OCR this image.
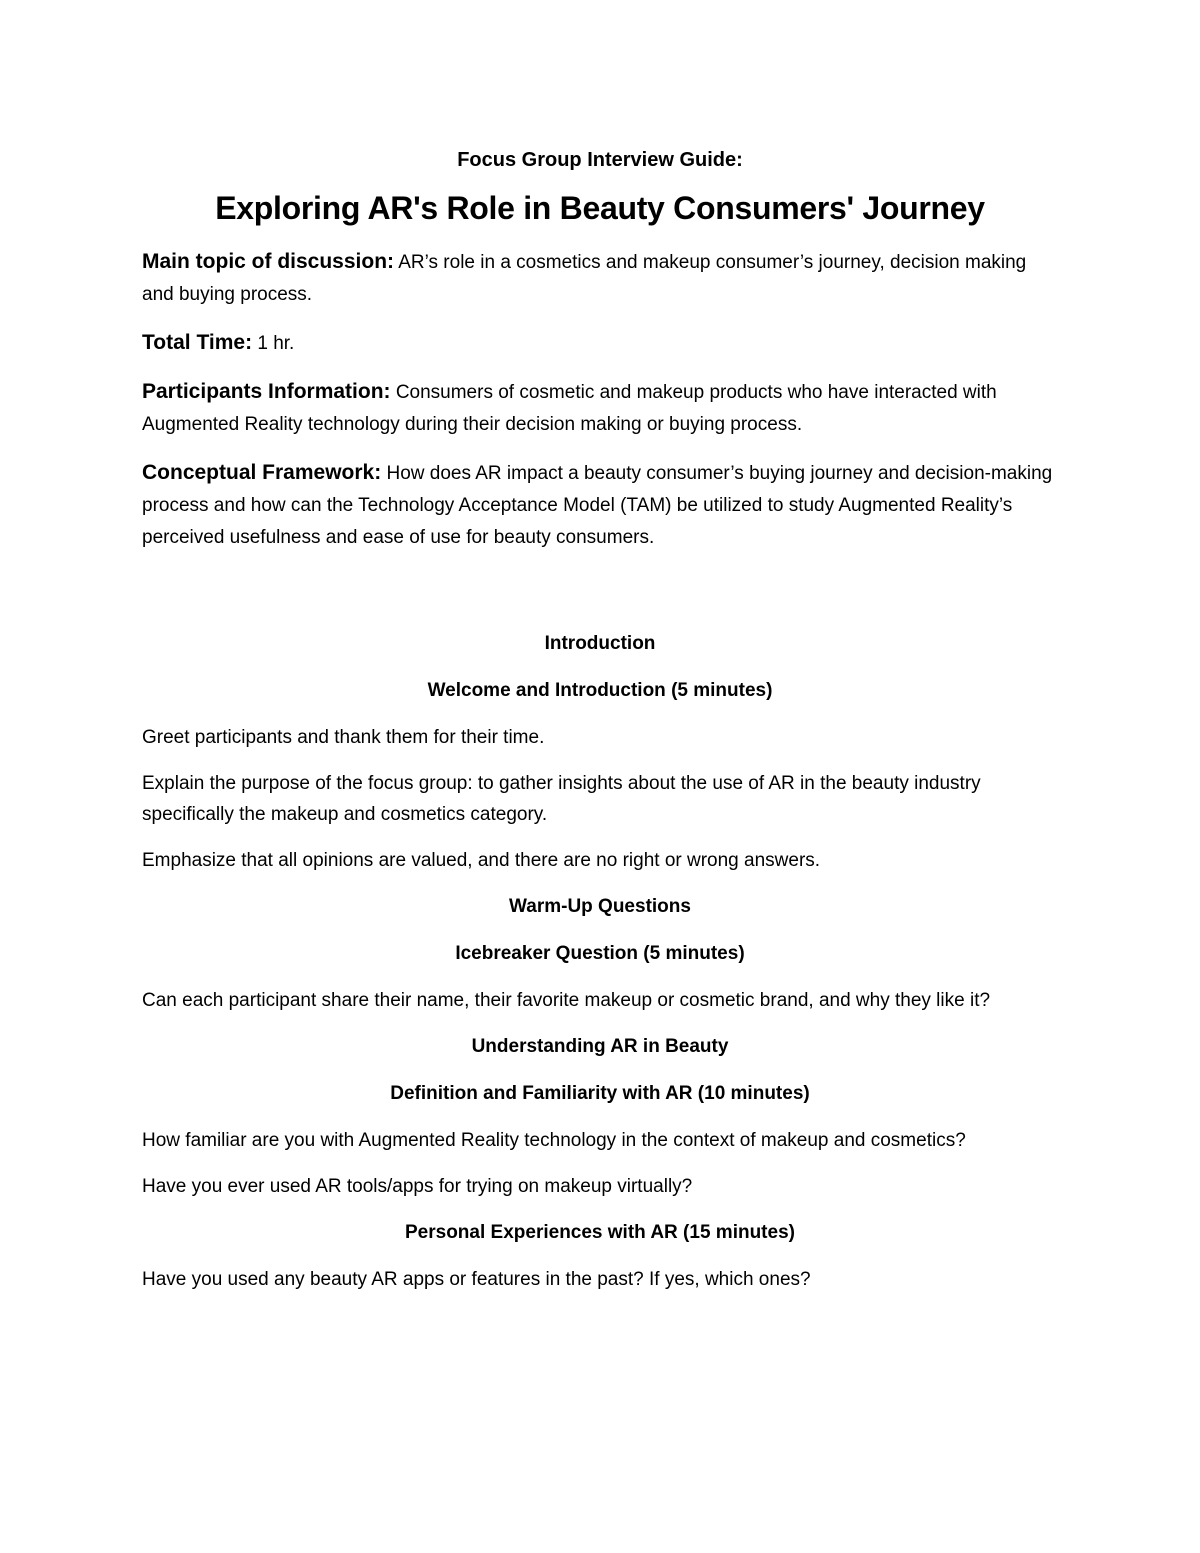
Focus Group Interview Guide:
Exploring AR's Role in Beauty Consumers' Journey
Main topic of discussion: AR’s role in a cosmetics and makeup consumer’s journey, decision making and buying process.
Total Time: 1 hr.
Participants Information: Consumers of cosmetic and makeup products who have interacted with Augmented Reality technology during their decision making or buying process.
Conceptual Framework: How does AR impact a beauty consumer’s buying journey and decision-making process and how can the Technology Acceptance Model (TAM) be utilized to study Augmented Reality’s perceived usefulness and ease of use for beauty consumers.
Introduction
Welcome and Introduction (5 minutes)

Greet participants and thank them for their time.

Explain the purpose of the focus group: to gather insights about the use of AR in the beauty industry specifically the makeup and cosmetics category.

Emphasize that all opinions are valued, and there are no right or wrong answers.

Warm-Up Questions
Icebreaker Question (5 minutes)

Can each participant share their name, their favorite makeup or cosmetic brand, and why they like it?

Understanding AR in Beauty
Definition and Familiarity with AR (10 minutes)

How familiar are you with Augmented Reality technology in the context of makeup and cosmetics?

Have you ever used AR tools/apps for trying on makeup virtually?

Personal Experiences with AR (15 minutes)

Have you used any beauty AR apps or features in the past? If yes, which ones?
